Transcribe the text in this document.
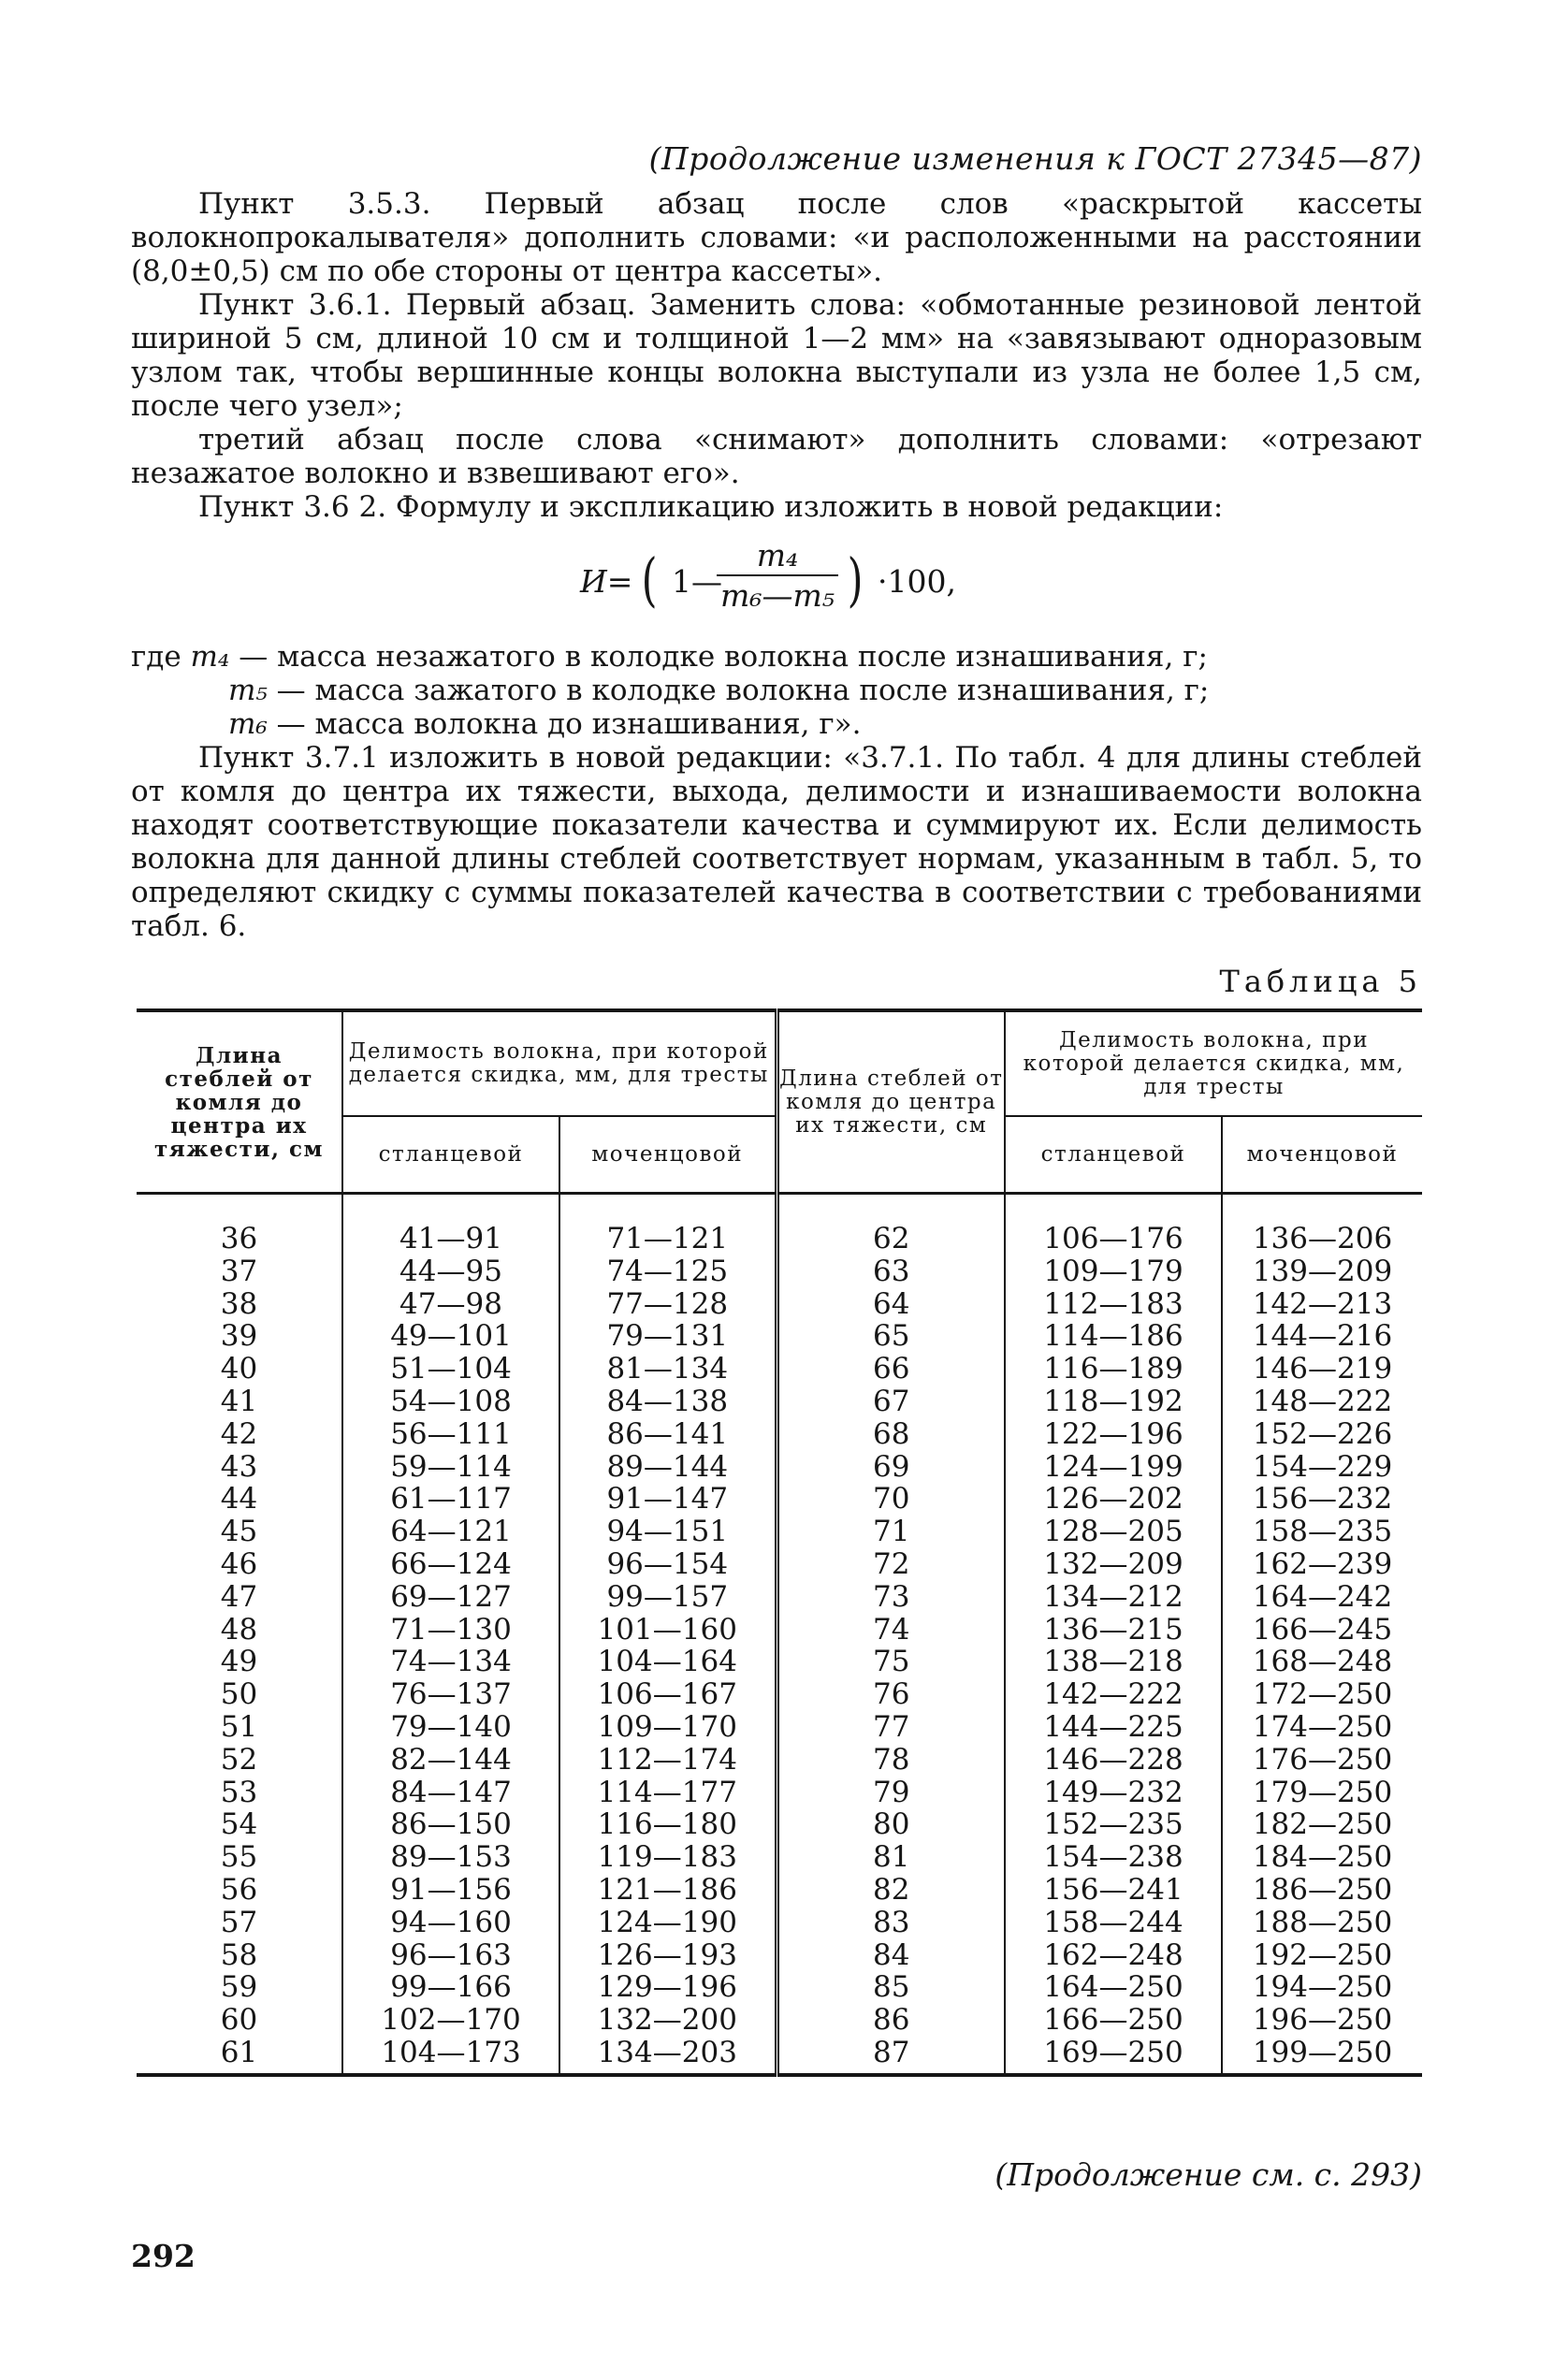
(Продолжение изменения к ГОСТ 27345—87)

Пункт 3.5.3. Первый абзац после слов «раскрытой кассеты волокнопрокалывателя» дополнить словами: «и расположенными на расстоянии (8,0±0,5) см по обе стороны от центра кассеты».

Пункт 3.6.1. Первый абзац. Заменить слова: «обмотанные резиновой лентой шириной 5 см, длиной 10 см и толщиной 1—2 мм» на «завязывают одноразовым узлом так, чтобы вершинные концы волокна выступали из узла не более 1,5 см, после чего узел»;

третий абзац после слова «снимают» дополнить словами: «отрезают незажатое волокно и взвешивают его».

Пункт 3.6 2. Формулу и экспликацию изложить в новой редакции:

И= ( 1—
m₄
m₆—m₅ ) ·100,

где m₄ — масса незажатого в колодке волокна после изнашивания, г;

m₅ — масса зажатого в колодке волокна после изнашивания, г;

m₆ — масса волокна до изнашивания, г».

Пункт 3.7.1 изложить в новой редакции: «3.7.1. По табл. 4 для длины стеблей от комля до центра их тяжести, выхода, делимости и изнашиваемости волокна находят соответствующие показатели качества и суммируют их. Если делимость волокна для данной длины стеблей соответствует нормам, указанным в табл. 5, то определяют скидку с суммы показателей качества в соответствии с требованиями табл. 6.

Таблица 5
Длина стеблей от комля до центра их тяжести, см	Делимость волокна, при которой делается скидка, мм, для тресты		Длина стеблей от комля до центра их тяжести, см	Делимость волокна, при которой делается скидка, мм, для тресты	
	стланцевой	моченцовой		стланцевой	моченцовой
36	41—91	71—121	62	106—176	136—206
37	44—95	74—125	63	109—179	139—209
38	47—98	77—128	64	112—183	142—213
39	49—101	79—131	65	114—186	144—216
40	51—104	81—134	66	116—189	146—219
41	54—108	84—138	67	118—192	148—222
42	56—111	86—141	68	122—196	152—226
43	59—114	89—144	69	124—199	154—229
44	61—117	91—147	70	126—202	156—232
45	64—121	94—151	71	128—205	158—235
46	66—124	96—154	72	132—209	162—239
47	69—127	99—157	73	134—212	164—242
48	71—130	101—160	74	136—215	166—245
49	74—134	104—164	75	138—218	168—248
50	76—137	106—167	76	142—222	172—250
51	79—140	109—170	77	144—225	174—250
52	82—144	112—174	78	146—228	176—250
53	84—147	114—177	79	149—232	179—250
54	86—150	116—180	80	152—235	182—250
55	89—153	119—183	81	154—238	184—250
56	91—156	121—186	82	156—241	186—250
57	94—160	124—190	83	158—244	188—250
58	96—163	126—193	84	162—248	192—250
59	99—166	129—196	85	164—250	194—250
60	102—170	132—200	86	166—250	196—250
61	104—173	134—203	87	169—250	199—250
(Продолжение см. с. 293)
292
